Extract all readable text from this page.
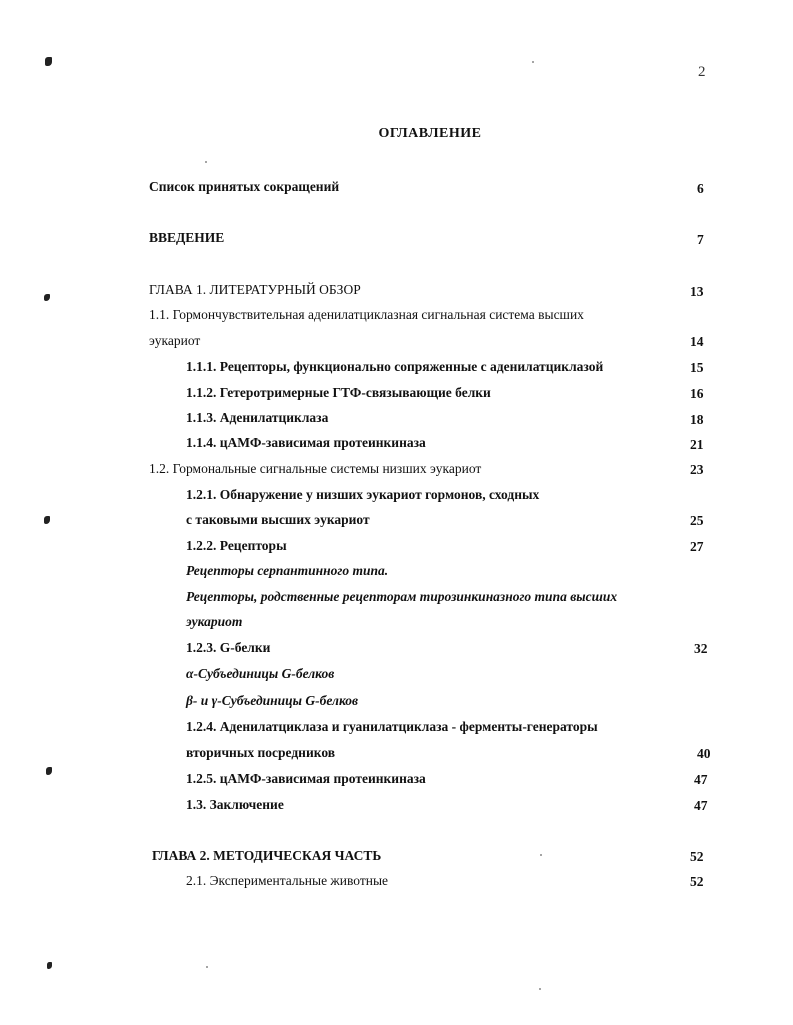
2
ОГЛАВЛЕНИЕ
Список принятых сокращений	6
ВВЕДЕНИЕ	7
ГЛАВА 1. ЛИТЕРАТУРНЫЙ ОБЗОР	13
1.1. Гормончувствительная аденилатциклазная сигнальная система высших
эукариот	14
1.1.1. Рецепторы, функционально сопряженные с аденилатциклазой	15
1.1.2. Гетеротримерные ГТФ-связывающие белки	16
1.1.3. Аденилатциклаза	18
1.1.4. цАМФ-зависимая протеинкиназа	21
1.2. Гормональные сигнальные системы низших эукариот	23
1.2.1. Обнаружение у низших эукариот гормонов, сходных
с таковыми высших эукариот	25
1.2.2. Рецепторы	27
Рецепторы серпантинного типа.
Рецепторы, родственные рецепторам тирозинкиназного типа высших
эукариот
1.2.3. G-белки	32
α-Субъединицы G-белков
β- и γ-Субъединицы G-белков
1.2.4. Аденилатциклаза и гуанилатциклаза - ферменты-генераторы
вторичных посредников	40
1.2.5. цАМФ-зависимая протеинкиназа	47
1.3. Заключение	47
ГЛАВА 2. МЕТОДИЧЕСКАЯ ЧАСТЬ	52
2.1. Экспериментальные животные	52
